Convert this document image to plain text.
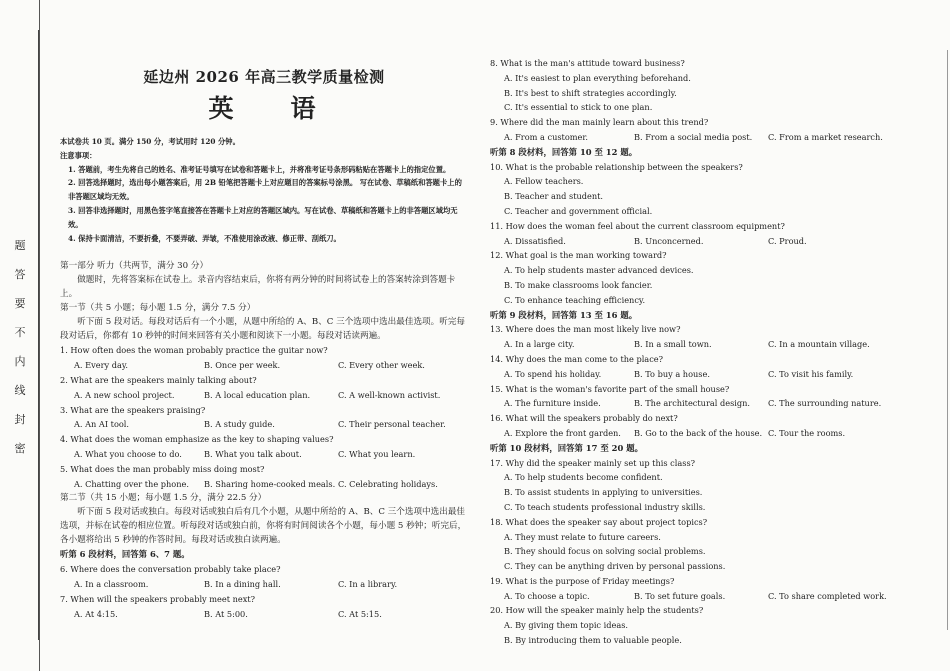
题
答
要
不
内
线
封
密
延边州 2026 年高三教学质量检测
英　语
本试卷共 10 页。满分 150 分，考试用时 120 分钟。
注意事项：
1. 答题前，考生先将自己的姓名、准考证号填写在试卷和答题卡上，并将准考证号条形码粘贴在答题卡上的指定位置。
2. 回答选择题时，选出每小题答案后，用 2B 铅笔把答题卡上对应题目的答案标号涂黑。 写在试卷、草稿纸和答题卡上的非答题区域均无效。
3. 回答非选择题时，用黑色签字笔直接答在答题卡上对应的答题区域内。写在试卷、草稿纸和答题卡上的非答题区域均无效。
4. 保持卡面清洁，不要折叠，不要弄破、弄皱，不准使用涂改液、修正带、刮纸刀。
第一部分 听力（共两节，满分 30 分）
做题时，先将答案标在试卷上。录音内容结束后，你将有两分钟的时间将试卷上的答案转涂到答题卡上。
第一节（共 5 小题；每小题 1.5 分，满分 7.5 分）
听下面 5 段对话。每段对话后有一个小题，从题中所给的 A、B、C 三个选项中选出最佳选项。听完每段对话后，你都有 10 秒钟的时间来回答有关小题和阅读下一小题。每段对话读两遍。
1. How often does the woman probably practice the guitar now?
A. Every day.	B. Once per week.	C. Every other week.
2. What are the speakers mainly talking about?
A. A new school project.	B. A local education plan.	C. A well-known activist.
3. What are the speakers praising?
A. An AI tool.	B. A study guide.	C. Their personal teacher.
4. What does the woman emphasize as the key to shaping values?
A. What you choose to do.	B. What you talk about.	C. What you learn.
5. What does the man probably miss doing most?
A. Chatting over the phone.	B. Sharing home-cooked meals. C. Celebrating holidays.
第二节（共 15 小题；每小题 1.5 分，满分 22.5 分）
听下面 5 段对话或独白。每段对话或独白后有几个小题，从题中所给的 A、B、C 三个选项中选出最佳选项，并标在试卷的相应位置。听每段对话或独白前，你将有时间阅读各个小题，每小题 5 秒钟；听完后，各小题将给出 5 秒钟的作答时间。每段对话或独白读两遍。
听第 6 段材料，回答第 6、7 题。
6. Where does the conversation probably take place?
A. In a classroom.	B. In a dining hall.	C. In a library.
7. When will the speakers probably meet next?
A. At 4:15.	B. At 5:00.	C. At 5:15.
8. What is the man's attitude toward business?
A. It's easiest to plan everything beforehand.
B. It's best to shift strategies accordingly.
C. It's essential to stick to one plan.
9. Where did the man mainly learn about this trend?
A. From a customer.	B. From a social media post.	C. From a market research.
听第 8 段材料，回答第 10 至 12 题。
10. What is the probable relationship between the speakers?
A. Fellow teachers.
B. Teacher and student.
C. Teacher and government official.
11. How does the woman feel about the current classroom equipment?
A. Dissatisfied.	B. Unconcerned.	C. Proud.
12. What goal is the man working toward?
A. To help students master advanced devices.
B. To make classrooms look fancier.
C. To enhance teaching efficiency.
听第 9 段材料，回答第 13 至 16 题。
13. Where does the man most likely live now?
A. In a large city.	B. In a small town.	C. In a mountain village.
14. Why does the man come to the place?
A. To spend his holiday.	B. To buy a house.	C. To visit his family.
15. What is the woman's favorite part of the small house?
A. The furniture inside.	B. The architectural design.	C. The surrounding nature.
16. What will the speakers probably do next?
A. Explore the front garden.	B. Go to the back of the house. C. Tour the rooms.
听第 10 段材料，回答第 17 至 20 题。
17. Why did the speaker mainly set up this class?
A. To help students become confident.
B. To assist students in applying to universities.
C. To teach students professional industry skills.
18. What does the speaker say about project topics?
A. They must relate to future careers.
B. They should focus on solving social problems.
C. They can be anything driven by personal passions.
19. What is the purpose of Friday meetings?
A. To choose a topic.	B. To set future goals.	C. To share completed work.
20. How will the speaker mainly help the students?
A. By giving them topic ideas.
B. By introducing them to valuable people.
